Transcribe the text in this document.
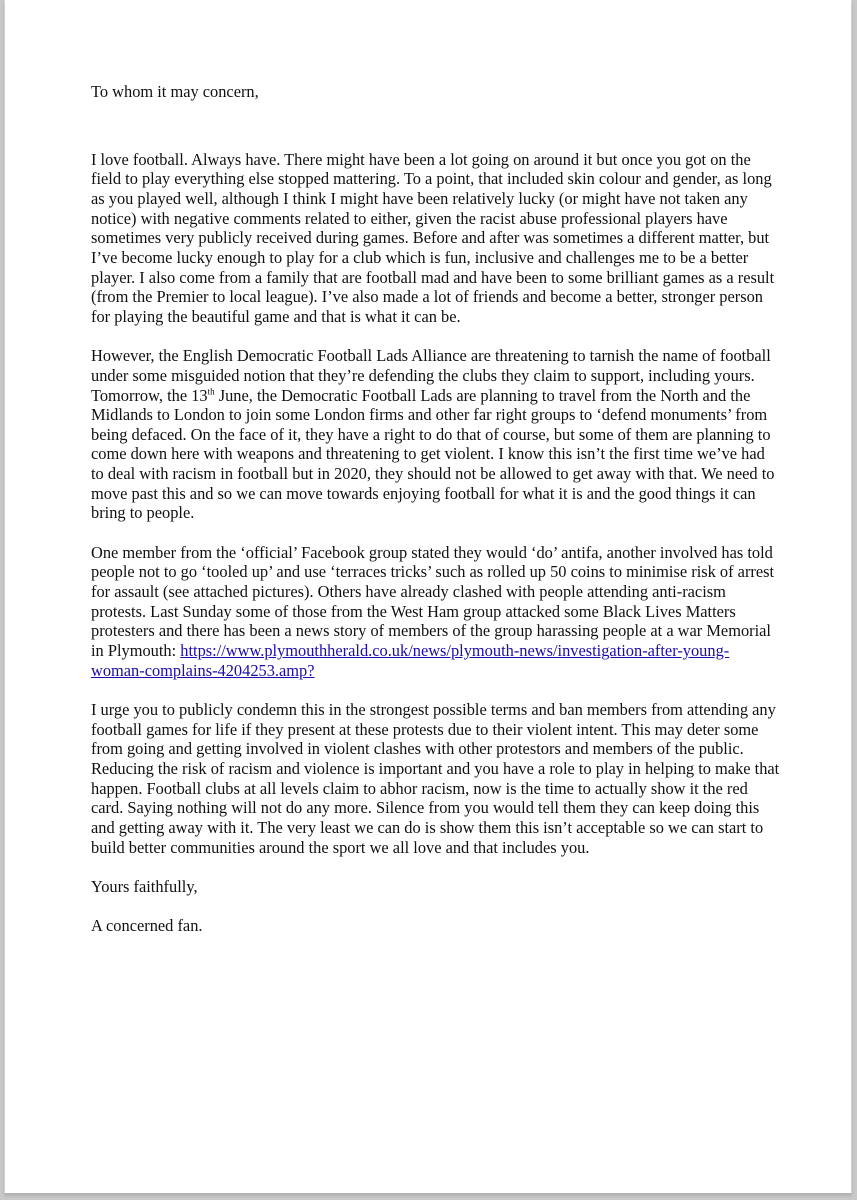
To whom it may concern,

I love football. Always have. There might have been a lot going on around it but once you got on the field to play everything else stopped mattering. To a point, that included skin colour and gender, as long as you played well, although I think I might have been relatively lucky (or might have not taken any notice) with negative comments related to either, given the racist abuse professional players have sometimes very publicly received during games. Before and after was sometimes a different matter, but I’ve become lucky enough to play for a club which is fun, inclusive and challenges me to be a better player. I also come from a family that are football mad and have been to some brilliant games as a result (from the Premier to local league). I’ve also made a lot of friends and become a better, stronger person for playing the beautiful game and that is what it can be.

However, the English Democratic Football Lads Alliance are threatening to tarnish the name of football under some misguided notion that they’re defending the clubs they claim to support, including yours. Tomorrow, the 13th June, the Democratic Football Lads are planning to travel from the North and the Midlands to London to join some London firms and other far right groups to ‘defend monuments’ from being defaced. On the face of it, they have a right to do that of course, but some of them are planning to come down here with weapons and threatening to get violent. I know this isn’t the first time we’ve had to deal with racism in football but in 2020, they should not be allowed to get away with that. We need to move past this and so we can move towards enjoying football for what it is and the good things it can bring to people.

One member from the ‘official’ Facebook group stated they would ‘do’ antifa, another involved has told people not to go ‘tooled up’ and use ‘terraces tricks’ such as rolled up 50 coins to minimise risk of arrest for assault (see attached pictures). Others have already clashed with people attending anti-racism protests. Last Sunday some of those from the West Ham group attacked some Black Lives Matters protesters and there has been a news story of members of the group harassing people at a war Memorial in Plymouth: https://www.plymouthherald.co.uk/news/plymouth-news/investigation-after-young-woman-complains-4204253.amp?

I urge you to publicly condemn this in the strongest possible terms and ban members from attending any football games for life if they present at these protests due to their violent intent. This may deter some from going and getting involved in violent clashes with other protestors and members of the public. Reducing the risk of racism and violence is important and you have a role to play in helping to make that happen. Football clubs at all levels claim to abhor racism, now is the time to actually show it the red card. Saying nothing will not do any more. Silence from you would tell them they can keep doing this and getting away with it. The very least we can do is show them this isn’t acceptable so we can start to build better communities around the sport we all love and that includes you.

Yours faithfully,

A concerned fan.
